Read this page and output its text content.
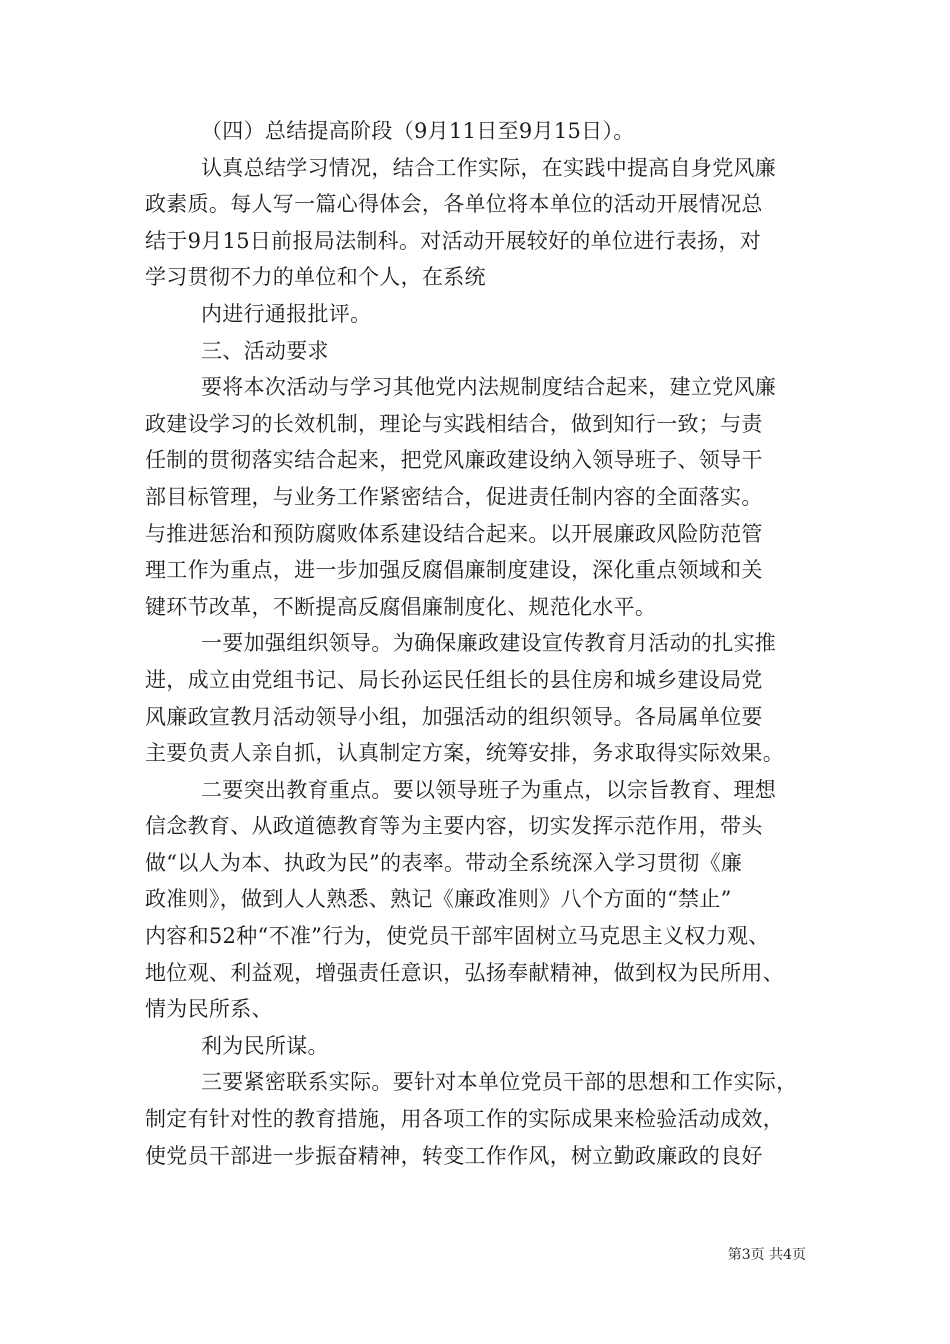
（四）总结提高阶段（9月11日至9月15日）。
认真总结学习情况，结合工作实际，在实践中提高自身党风廉
政素质。每人写一篇心得体会，各单位将本单位的活动开展情况总
结于9月15日前报局法制科。对活动开展较好的单位进行表扬，对
学习贯彻不力的单位和个人，在系统
内进行通报批评。
三、活动要求
要将本次活动与学习其他党内法规制度结合起来，建立党风廉
政建设学习的长效机制，理论与实践相结合，做到知行一致；与责
任制的贯彻落实结合起来，把党风廉政建设纳入领导班子、领导干
部目标管理，与业务工作紧密结合，促进责任制内容的全面落实。
与推进惩治和预防腐败体系建设结合起来。以开展廉政风险防范管
理工作为重点，进一步加强反腐倡廉制度建设，深化重点领域和关
键环节改革，不断提高反腐倡廉制度化、规范化水平。
一要加强组织领导。为确保廉政建设宣传教育月活动的扎实推
进，成立由党组书记、局长孙运民任组长的县住房和城乡建设局党
风廉政宣教月活动领导小组，加强活动的组织领导。各局属单位要
主要负责人亲自抓，认真制定方案，统筹安排，务求取得实际效果。
二要突出教育重点。要以领导班子为重点，以宗旨教育、理想
信念教育、从政道德教育等为主要内容，切实发挥示范作用，带头
做“以人为本、执政为民”的表率。带动全系统深入学习贯彻《廉
政准则》，做到人人熟悉、熟记《廉政准则》八个方面的“禁止”
内容和52种“不准”行为，使党员干部牢固树立马克思主义权力观、
地位观、利益观，增强责任意识，弘扬奉献精神，做到权为民所用、
情为民所系、
利为民所谋。
三要紧密联系实际。要针对本单位党员干部的思想和工作实际，
制定有针对性的教育措施，用各项工作的实际成果来检验活动成效，
使党员干部进一步振奋精神，转变工作作风，树立勤政廉政的良好
第3页 共4页
